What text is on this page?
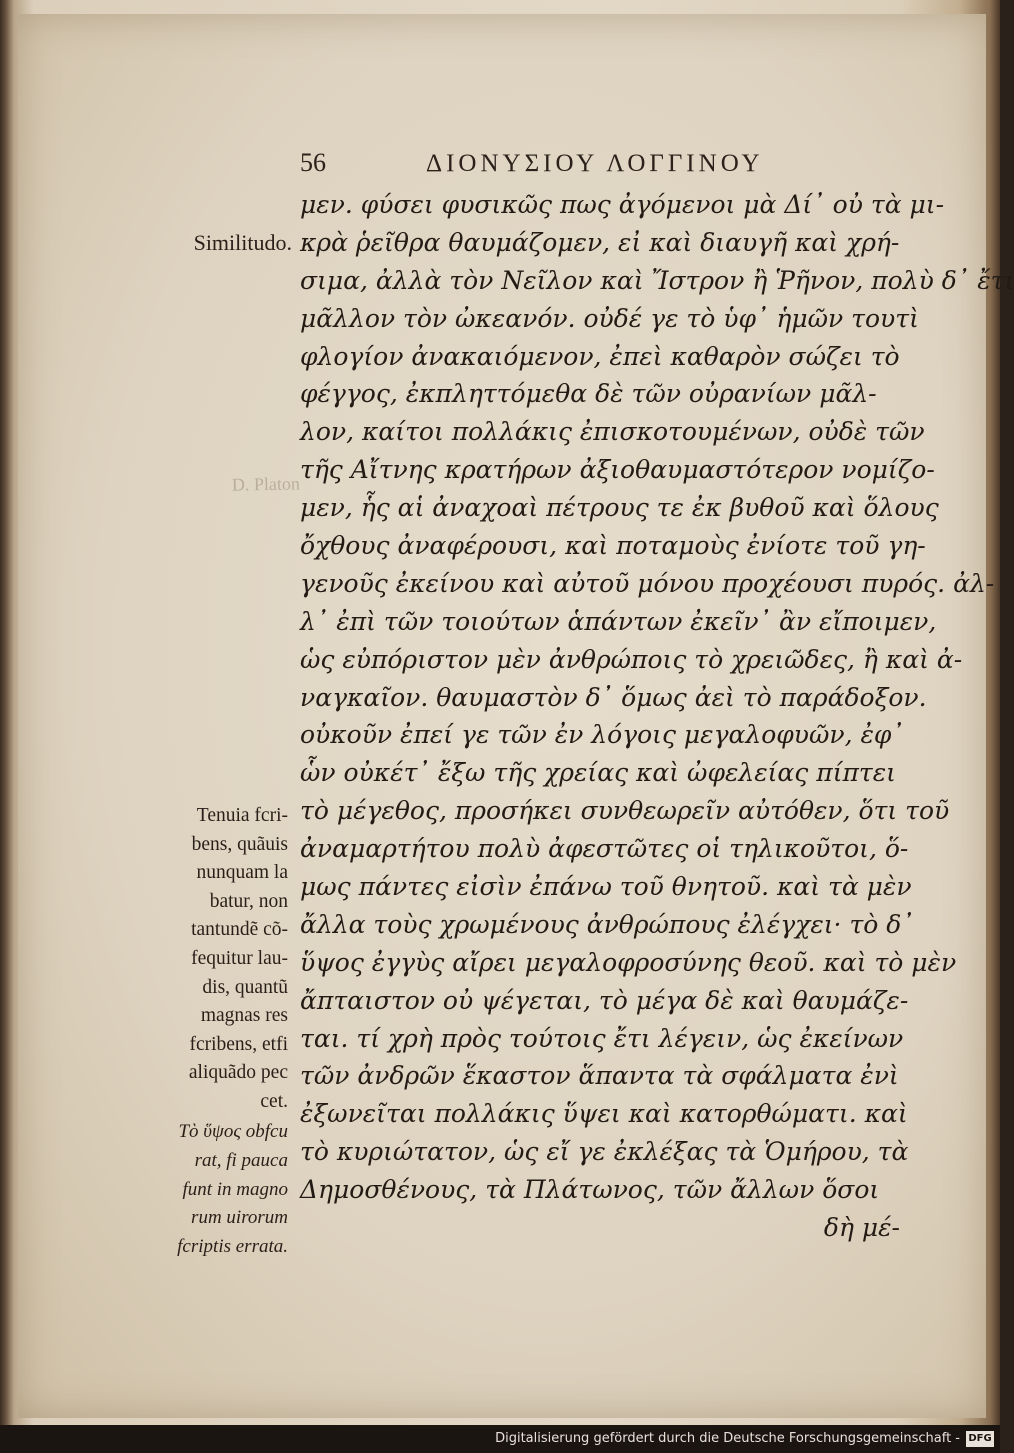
56	ΔΙΟΝΥΣΙΟΥ ΛΟΓΓΙΝΟΥ
D. Platon
Similitudo.
Tenuia fcri-
bens, quãuis
nunquam la
batur, non
tantundẽ cõ-
fequitur lau-
dis, quantũ
magnas res
fcribens, etfi
aliquãdo pec
cet.
Τὸ ὕψος obfcu
rat, fi pauca
funt in magno
rum uirorum
fcriptis errata.
μεν. φύσει φυσικῶς πως ἀγόμενοι μὰ Δί᾽ οὐ τὰ μι-
κρὰ ῥεῖθρα θαυμάζομεν, εἰ καὶ διαυγῆ καὶ χρή-
σιμα, ἀλλὰ τὸν Νεῖλον καὶ Ἴστρον ἢ Ῥῆνον, πολὺ δ᾽ ἔτι
μᾶλλον τὸν ὠκεανόν. οὐδέ γε τὸ ὑφ᾽ ἡμῶν τουτὶ
φλογίον ἀνακαιόμενον, ἐπεὶ καθαρὸν σώζει τὸ
φέγγος, ἐκπληττόμεθα δὲ τῶν οὐρανίων μᾶλ-
λον, καίτοι πολλάκις ἐπισκοτουμένων, οὐδὲ τῶν
τῆς Αἴτνης κρατήρων ἀξιοθαυμαστότερον νομίζο-
μεν, ἧς αἱ ἀναχοαὶ πέτρους τε ἐκ βυθοῦ καὶ ὅλους
ὄχθους ἀναφέρουσι, καὶ ποταμοὺς ἐνίοτε τοῦ γη-
γενοῦς ἐκείνου καὶ αὐτοῦ μόνου προχέουσι πυρός. ἀλ-
λ᾽ ἐπὶ τῶν τοιούτων ἁπάντων ἐκεῖν᾽ ἂν εἴποιμεν,
ὡς εὐπόριστον μὲν ἀνθρώποις τὸ χρειῶδες, ἢ καὶ ἀ-
ναγκαῖον. θαυμαστὸν δ᾽ ὅμως ἀεὶ τὸ παράδοξον.
οὐκοῦν ἐπεί γε τῶν ἐν λόγοις μεγαλοφυῶν, ἐφ᾽
ὧν οὐκέτ᾽ ἔξω τῆς χρείας καὶ ὠφελείας πίπτει
τὸ μέγεθος, προσήκει συνθεωρεῖν αὐτόθεν, ὅτι τοῦ
ἀναμαρτήτου πολὺ ἀφεστῶτες οἱ τηλικοῦτοι, ὅ-
μως πάντες εἰσὶν ἐπάνω τοῦ θνητοῦ. καὶ τὰ μὲν
ἄλλα τοὺς χρωμένους ἀνθρώπους ἐλέγχει· τὸ δ᾽
ὕψος ἐγγὺς αἴρει μεγαλοφροσύνης θεοῦ. καὶ τὸ μὲν
ἄπταιστον οὐ ψέγεται, τὸ μέγα δὲ καὶ θαυμάζε-
ται. τί χρὴ πρὸς τούτοις ἔτι λέγειν, ὡς ἐκείνων
τῶν ἀνδρῶν ἕκαστον ἅπαντα τὰ σφάλματα ἐνὶ
ἐξωνεῖται πολλάκις ὕψει καὶ κατορθώματι. καὶ
τὸ κυριώτατον, ὡς εἴ γε ἐκλέξας τὰ Ὁμήρου, τὰ
Δημοσθένους, τὰ Πλάτωνος, τῶν ἄλλων ὅσοι
δὴ μέ-
Digitalisierung gefördert durch die Deutsche Forschungsgemeinschaft - DFG
